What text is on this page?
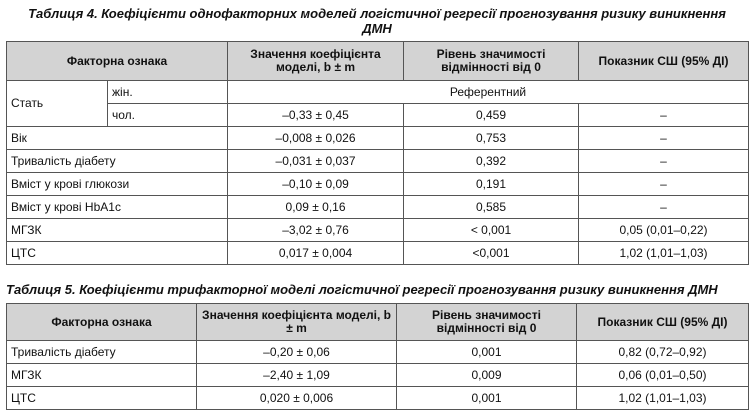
Таблиця 4. Коефіцієнти однофакторних моделей логістичної регресії прогнозування ризику виникнення ДМН
Факторна ознака		Значення коефіцієнта моделі, b ± m	Рівень значимості відмінності від 0	Показник СШ (95% ДІ)
Стать	жін.	Референтний		
	чол.	–0,33 ± 0,45	0,459	–
Вік		–0,008 ± 0,026	0,753	–
Тривалість діабету		–0,031 ± 0,037	0,392	–
Вміст у крові глюкози		–0,10 ± 0,09	0,191	–
Вміст у крові HbA1c		0,09 ± 0,16	0,585	–
МГЗК		–3,02 ± 0,76	< 0,001	0,05 (0,01–0,22)
ЦТС		0,017 ± 0,004	<0,001	1,02 (1,01–1,03)
Таблиця 5. Коефіцієнти трифакторної моделі логістичної регресії прогнозування ризику виникнення ДМН
Факторна ознака	Значення коефіцієнта моделі, b ± m	Рівень значимості відмінності від 0	Показник СШ (95% ДІ)
Тривалість діабету	–0,20 ± 0,06	0,001	0,82 (0,72–0,92)
МГЗК	–2,40 ± 1,09	0,009	0,06 (0,01–0,50)
ЦТС	0,020 ± 0,006	0,001	1,02 (1,01–1,03)
